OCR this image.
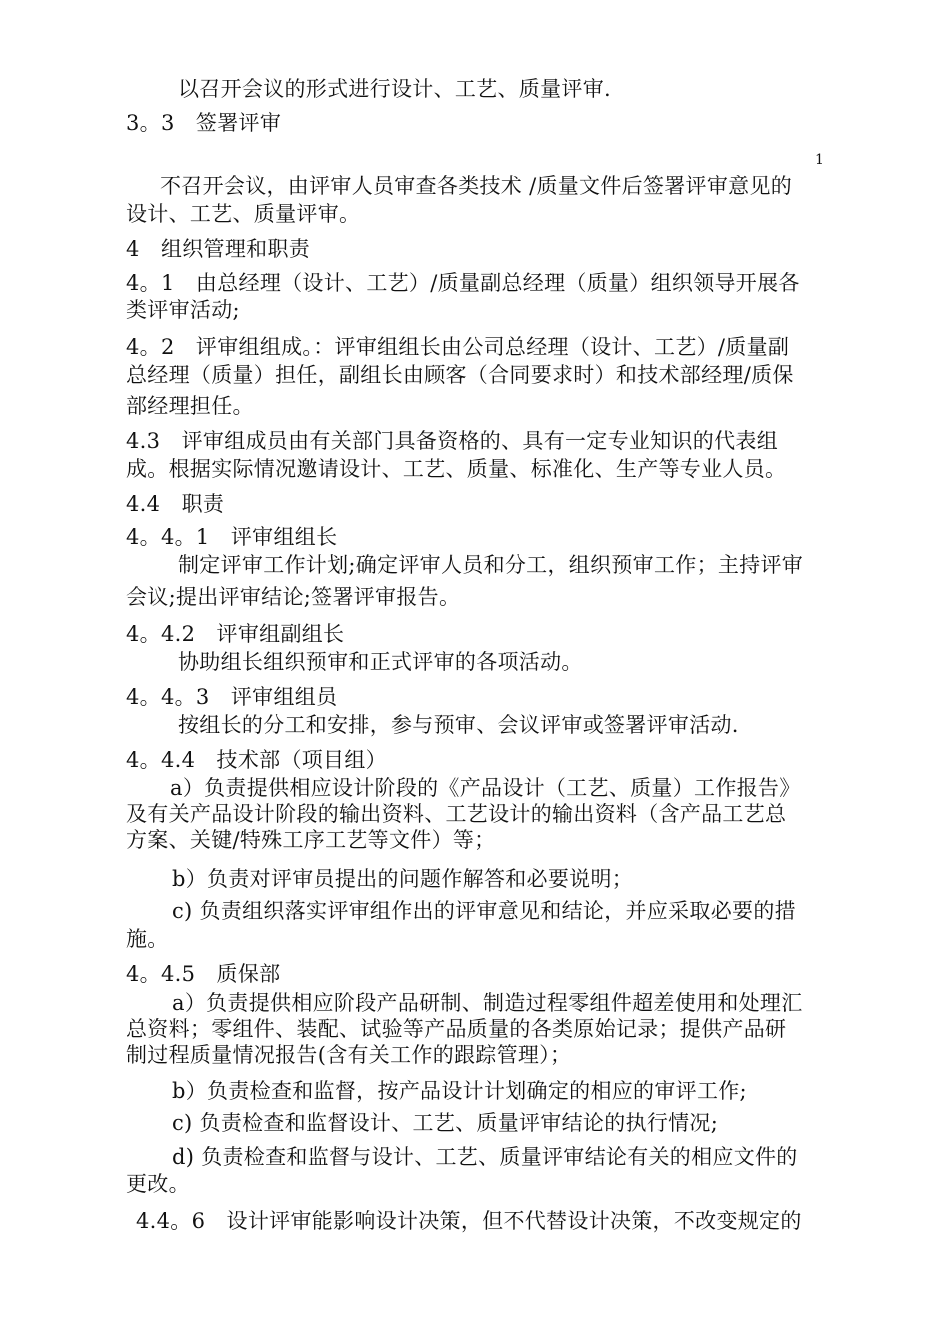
1
以召开会议的形式进行设计、工艺、质量评审.
3。3　签署评审
不召开会议，由评审人员审查各类技术 /质量文件后签署评审意见的
设计、工艺、质量评审。
4　组织管理和职责
4。1　由总经理（设计、工艺）/质量副总经理（质量）组织领导开展各
类评审活动;
4。2　评审组组成。：评审组组长由公司总经理（设计、工艺）/质量副
总经理（质量）担任，副组长由顾客（合同要求时）和技术部经理/质保
部经理担任。
4.3　评审组成员由有关部门具备资格的、具有一定专业知识的代表组
成。根据实际情况邀请设计、工艺、质量、标准化、生产等专业人员。
4.4　职责
4。4。1　评审组组长
制定评审工作计划;确定评审人员和分工，组织预审工作；主持评审
会议;提出评审结论;签署评审报告。
4。4.2　评审组副组长
协助组长组织预审和正式评审的各项活动。
4。4。3　评审组组员
按组长的分工和安排，参与预审、会议评审或签署评审活动.
4。4.4　技术部（项目组）
a）负责提供相应设计阶段的《产品设计（工艺、质量）工作报告》
及有关产品设计阶段的输出资料、工艺设计的输出资料（含产品工艺总
方案、关键/特殊工序工艺等文件）等；
b）负责对评审员提出的问题作解答和必要说明；
c) 负责组织落实评审组作出的评审意见和结论，并应采取必要的措
施。
4。4.5　质保部
a）负责提供相应阶段产品研制、制造过程零组件超差使用和处理汇
总资料；零组件、装配、试验等产品质量的各类原始记录；提供产品研
制过程质量情况报告(含有关工作的跟踪管理）；
b）负责检查和监督，按产品设计计划确定的相应的审评工作;
c) 负责检查和监督设计、工艺、质量评审结论的执行情况;
d) 负责检查和监督与设计、工艺、质量评审结论有关的相应文件的
更改。
4.4。6　设计评审能影响设计决策，但不代替设计决策，不改变规定的
